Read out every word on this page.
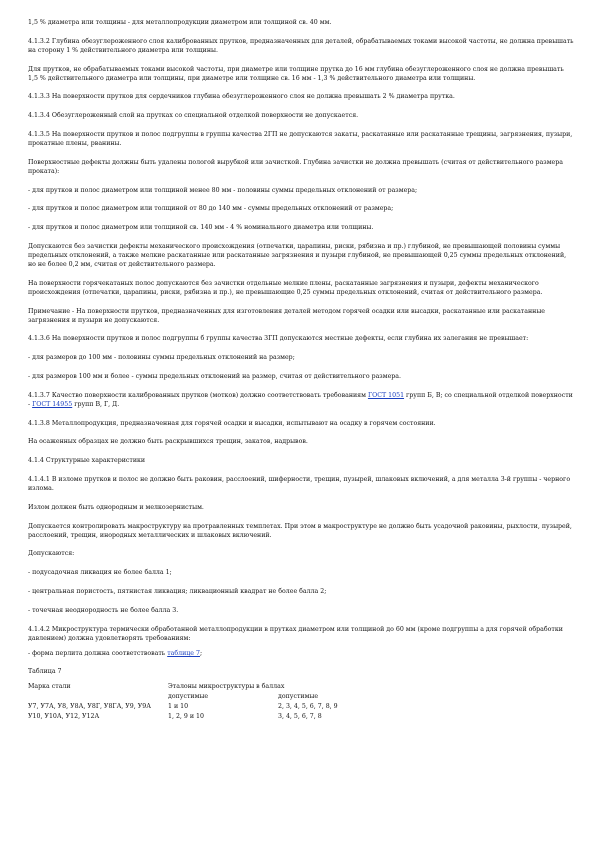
1,5 % диаметра или толщины - для металлопродукции диаметром или толщиной св. 40 мм.
4.1.3.2 Глубина обезуглероженного слоя калиброванных прутков, предназначенных для деталей, обрабатываемых токами высокой частоты, не должна превышать на сторону 1 % действительного диаметра или толщины.
Для прутков, не обрабатываемых токами высокой частоты, при диаметре или толщине прутка до 16 мм глубина обезуглероженного слоя не должна превышать 1,5 % действительного диаметра или толщины, при диаметре или толщине св. 16 мм - 1,3 % действительного диаметра или толщины.
4.1.3.3 На поверхности прутков для сердечников глубина обезуглероженного слоя не должна превышать 2 % диаметра прутка.
4.1.3.4 Обезуглероженный слой на прутках со специальной отделкой поверхности не допускается.
4.1.3.5 На поверхности прутков и полос подгруппы в группы качества 2ГП не допускаются закаты, раскатанные или раскатанные трещины, загрязнения, пузыри, прокатные плены, рванины.
Поверхностные дефекты должны быть удалены пологой вырубкой или зачисткой. Глубина зачистки не должна превышать (считая от действительного размера проката):
- для прутков и полос диаметром или толщиной менее 80 мм - половины суммы предельных отклонений от размера;
- для прутков и полос диаметром или толщиной от 80 до 140 мм - суммы предельных отклонений от размера;
- для прутков и полос диаметром или толщиной св. 140 мм - 4 % номинального диаметра или толщины.
Допускаются без зачистки дефекты механического происхождения (отпечатки, царапины, риски, рябизна и пр.) глубиной, не превышающей половины суммы предельных отклонений, а также мелкие раскатанные или раскатанные загрязнения и пузыри глубиной, не превышающей 0,25 суммы предельных отклонений, но не более 0,2 мм, считая от действительного размера.
На поверхности горячекатаных полос допускаются без зачистки отдельные мелкие плены, раскатанные загрязнения и пузыри, дефекты механического происхождения (отпечатки, царапины, риски, рябизна и пр.), не превышающие 0,25 суммы предельных отклонений, считая от действительного размера.
Примечание - На поверхности прутков, предназначенных для изготовления деталей методом горячей осадки или высадки, раскатанные или раскатанные загрязнения и пузыри не допускаются.
4.1.3.6 На поверхности прутков и полос подгруппы б группы качества 3ГП допускаются местные дефекты, если глубина их залегания не превышает:
- для размеров до 100 мм - половины суммы предельных отклонений на размер;
- для размеров 100 мм и более - суммы предельных отклонений на размер, считая от действительного размера.
4.1.3.7 Качество поверхности калиброванных прутков (мотков) должно соответствовать требованиям ГОСТ 1051 групп Б, В; со специальной отделкой поверхности - ГОСТ 14955 групп В, Г, Д.
4.1.3.8 Металлопродукция, предназначенная для горячей осадки и высадки, испытывают на осадку в горячем состоянии.
На осаженных образцах не должно быть раскрывшихся трещин, закатов, надрывов.
4.1.4 Структурные характеристики
4.1.4.1 В изломе прутков и полос не должно быть раковин, расслоений, шиферности, трещин, пузырей, шлаковых включений, а для металла 3-й группы - черного излома.
Излом должен быть однородным и мелкозернистым.
Допускается контролировать макроструктуру на протравленных темплетах. При этом в макроструктуре не должно быть усадочной раковины, рыхлости, пузырей, расслоений, трещин, инородных металлических и шлаковых включений.
Допускаются:
- подусадочная ликвация не более балла 1;
- центральная пористость, пятнистая ликвация; ликвационный квадрат не более балла 2;
- точечная неоднородность не более балла 3.
4.1.4.2 Микроструктура термически обработанной металлопродукции в прутках диаметром или толщиной до 60 мм (кроме подгруппы а для горячей обработки давлением) должна удовлетворять требованиям:
- форма перлита должна соответствовать таблице 7;
Таблица 7
Марка стали	Эталоны микроструктуры в баллах	
	допустимые	допустимые
У7, У7А, У8, У8А, У8Г, У8ГА, У9, У9А	1 и 10	2, 3, 4, 5, 6, 7, 8, 9
У10, У10А, У12, У12А	1, 2, 9 и 10	3, 4, 5, 6, 7, 8
